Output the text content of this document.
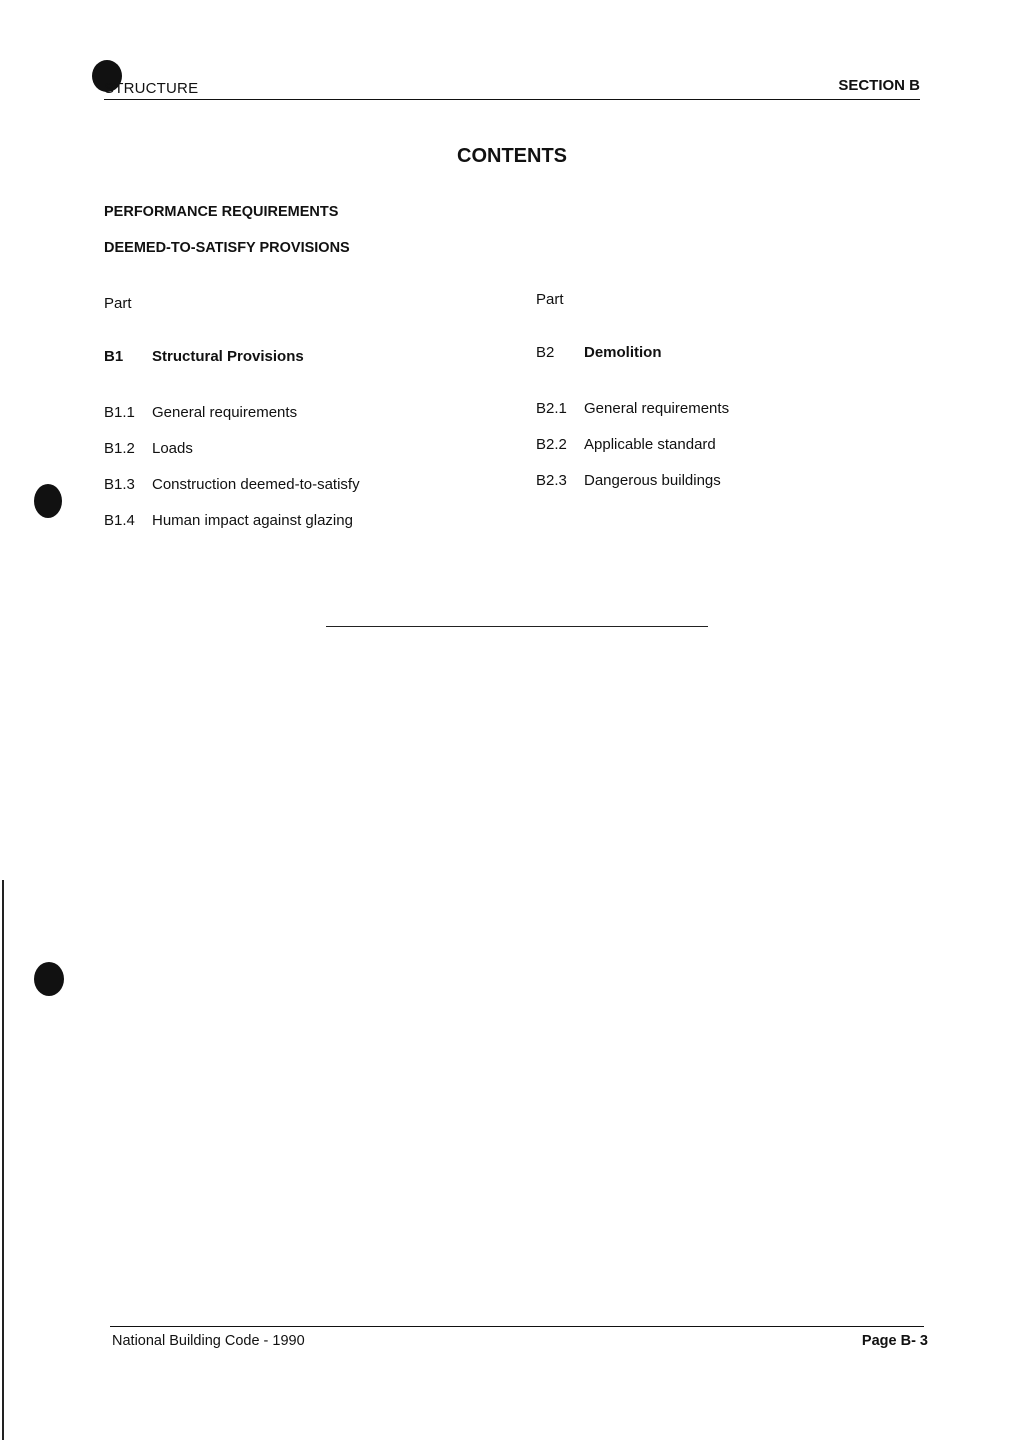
STRUCTURE	SECTION B
CONTENTS
PERFORMANCE REQUIREMENTS
DEEMED-TO-SATISFY PROVISIONS
Part
B1 Structural Provisions
B1.1 General requirements
B1.2 Loads
B1.3 Construction deemed-to-satisfy
B1.4 Human impact against glazing
Part
B2 Demolition
B2.1 General requirements
B2.2 Applicable standard
B2.3 Dangerous buildings
National Building Code - 1990	Page B- 3
